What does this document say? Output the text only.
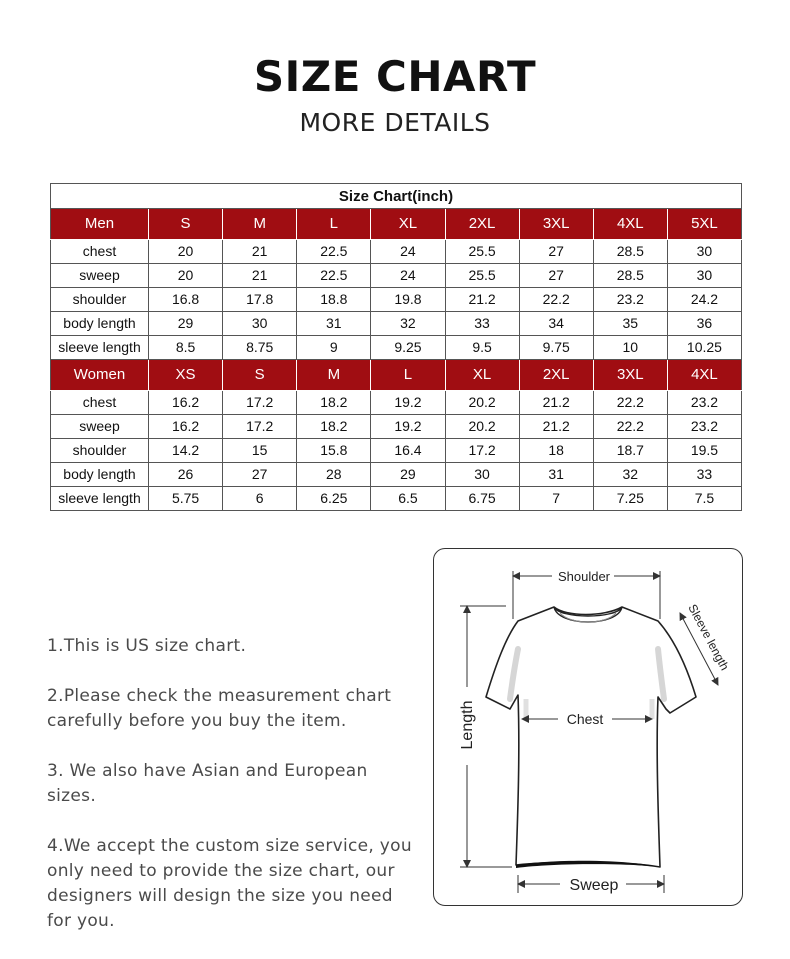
SIZE CHART
MORE DETAILS
Size Chart(inch)								
Men	S	M	L	XL	2XL	3XL	4XL	5XL
chest	20	21	22.5	24	25.5	27	28.5	30
sweep	20	21	22.5	24	25.5	27	28.5	30
shoulder	16.8	17.8	18.8	19.8	21.2	22.2	23.2	24.2
body length	29	30	31	32	33	34	35	36
sleeve length	8.5	8.75	9	9.25	9.5	9.75	10	10.25
Women	XS	S	M	L	XL	2XL	3XL	4XL
chest	16.2	17.2	18.2	19.2	20.2	21.2	22.2	23.2
sweep	16.2	17.2	18.2	19.2	20.2	21.2	22.2	23.2
shoulder	14.2	15	15.8	16.4	17.2	18	18.7	19.5
body length	26	27	28	29	30	31	32	33
sleeve length	5.75	6	6.25	6.5	6.75	7	7.25	7.5

1.This is US size chart.

2.Please check the measurement chart carefully before you buy the item.

3. We also have Asian and European sizes.

4.We accept the custom size service, you only need to provide the size chart, our designers will design the size you need for you.

Shoulder
Sleeve length
Chest
Length
Sweep
